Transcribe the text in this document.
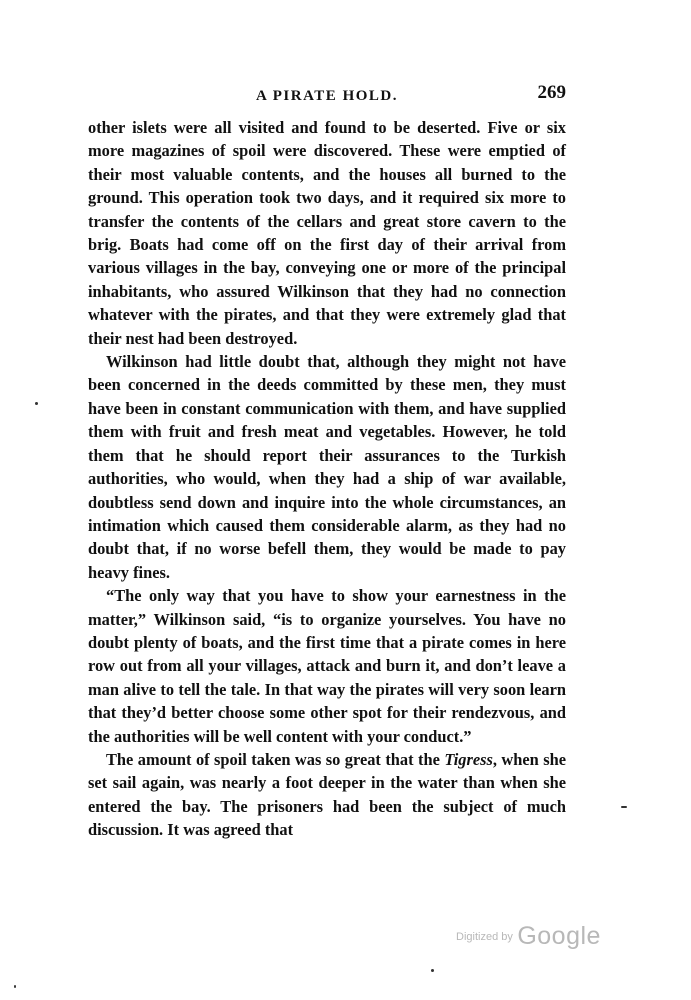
A PIRATE HOLD.	269

other islets were all visited and found to be deserted. Five or six more magazines of spoil were discovered. These were emptied of their most valuable contents, and the houses all burned to the ground. This operation took two days, and it required six more to transfer the contents of the cellars and great store cavern to the brig. Boats had come off on the first day of their arrival from various villages in the bay, conveying one or more of the principal inhabitants, who assured Wilkinson that they had no connection whatever with the pirates, and that they were extremely glad that their nest had been destroyed.

Wilkinson had little doubt that, although they might not have been concerned in the deeds committed by these men, they must have been in constant communication with them, and have supplied them with fruit and fresh meat and vegetables. However, he told them that he should report their assurances to the Turkish authorities, who would, when they had a ship of war available, doubtless send down and inquire into the whole circumstances, an intimation which caused them considerable alarm, as they had no doubt that, if no worse befell them, they would be made to pay heavy fines.

“The only way that you have to show your earnestness in the matter,” Wilkinson said, “is to organize yourselves. You have no doubt plenty of boats, and the first time that a pirate comes in here row out from all your villages, attack and burn it, and don’t leave a man alive to tell the tale. In that way the pirates will very soon learn that they’d better choose some other spot for their rendezvous, and the authorities will be well content with your conduct.”

The amount of spoil taken was so great that the Tigress, when she set sail again, was nearly a foot deeper in the water than when she entered the bay. The prisoners had been the subject of much discussion. It was agreed that

$^{Digitized by}$ Google
